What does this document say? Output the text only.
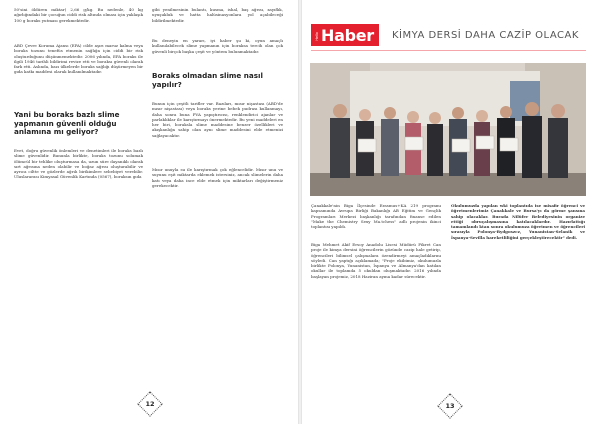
50'sini öldüren miktar) 2,66 g/kg. Bu nedenle, 40 kg ağırlığındaki bir çocuğun ciddi risk altında olması için yaklaşık 100 g boraks yutması gerekmektedir.

ABD Çevre Koruma Ajansı (EPA) cilde aşırı maruz kalma veya boraks tozunu tenefüs etmenin sağlığa için ciddi bir risk oluşturduğunu düşünmemektedir. 2006 yılında, EPA boraks ile ilgili 1946 tarihli bildirimi revize etti ve boraksı güvenli olarak fark etti. Aslında, bazı ülkelerde boraks sağlığı düşürmeyen bir gıda katkı maddesi olarak kullanılmaktadır.

Yani bu boraks bazlı slime yapmanın güvenli olduğu anlamına mı geliyor?

Evet, doğru güvenlik önlemleri ve denetimleri ile boraks bazlı slime güvenlidir. Bununla birlikte, boraks tozunu solumak ölümcül bir tehlike oluşturmasa da, uzun süre dayanıklı olarak sırt ağrısına neden olabilir ve boğaz ağrısı oluşturabilir ve ayrıca ciltte ve gözlerde ağrılı birikimlere sebebiyet verebilir. Uluslararası Kimyasal Güvenlik Kartında (0567), boraksın gıda

gibi yenilmesinin bulantı, kusma, ishal, baş ağrısı, zayıflık, uyuşukluk ve hatta halüsinasyonlara yol açabileceği bildirilmektedir.

Bu deneyin en yararı, iyi haber şu ki, oyun amaçlı kullanılabilecek slime yapmanın için boraksa tercih olan çok güvenli birçok başka çeşit ve yöntem bulunmaktadır.

Boraks olmadan slime nasıl yapılır?

Bunun için çeşitli tarifler var. Bazıları, mısır nişastası (ABD'de mısır nişastası) veya boraks yerine bebek pudrası kullanmayı, daha sonra buna PVA yapıştırıcısı, renklendirici ajanlar ve parlaklıklar ile karıştırmayı önermektedir. Bu yeni maddeleri en her biri, boraksla slime maddesine benzer özellikleri ve akışkanlığa sahip olan aynı slime maddesini elde etmenizi sağlayacaktır.

Mısır unuyla su ile karıştırmak çok eğlencelidir. Mısır unu ve suyunu eşit miktarda eklemek istersiniz, ancak slimelerin daha katı veya daha ince elde etmek için miktarları değiştirmeniz gerekecektir.

12
Hello Haber KİMYA DERSİ DAHA CAZİP OLACAK

Çanakkale'nin Biga İlçesinde Erasmus+KA 219 programı kapsamında Avrupa Birliği Bakanlığı AB Eğitim ve Gençlik Programları Merkezi başkanlığı tarafından finanse edilen "Make the Chemistry Sexy Ma.tchess" adlı projenin ikinci toplantısı yapıldı.

Biga Mehmet Akif Ersoy Anadolu Lisesi Müdürü Fikret Can proje ile kimya dersini öğrencilerin gözünde cazip hale getirip, öğrencileri bilimsel çalışmalara özendirmeyi amaçladıklarını söyledi. Can yaptığı açıklamada; "Proje ekibimiz, okulumuzla birlikte Polonya, Yunanistan, İspanya ve Almanya'dan katılan okullar ile toplamda 5 okuldan oluşmaktadır. 2016 yılında başlayan projemiz, 2018 Haziran ayına kadar sürecektir.

Okulumuzda yapılan wki toplantıda ise misafir öğrenci ve öğretmenlerimiz Çanakkale ve Bursa'yı da görme şansına sahip olacaklar. Burada Nilüfer Belediyesinin organize ettiği obruçalışmasına katılacaklardır. Hazırlattığı tamamlandı ktan sonra okulumuza öğretmen ve öğrencileri sırasıyla Polonya-Bydgoszcz, Yunanistan-Selanik ve İspanya-Sevilla hareketliliğini gerçekleştirecektir" dedi.

13
